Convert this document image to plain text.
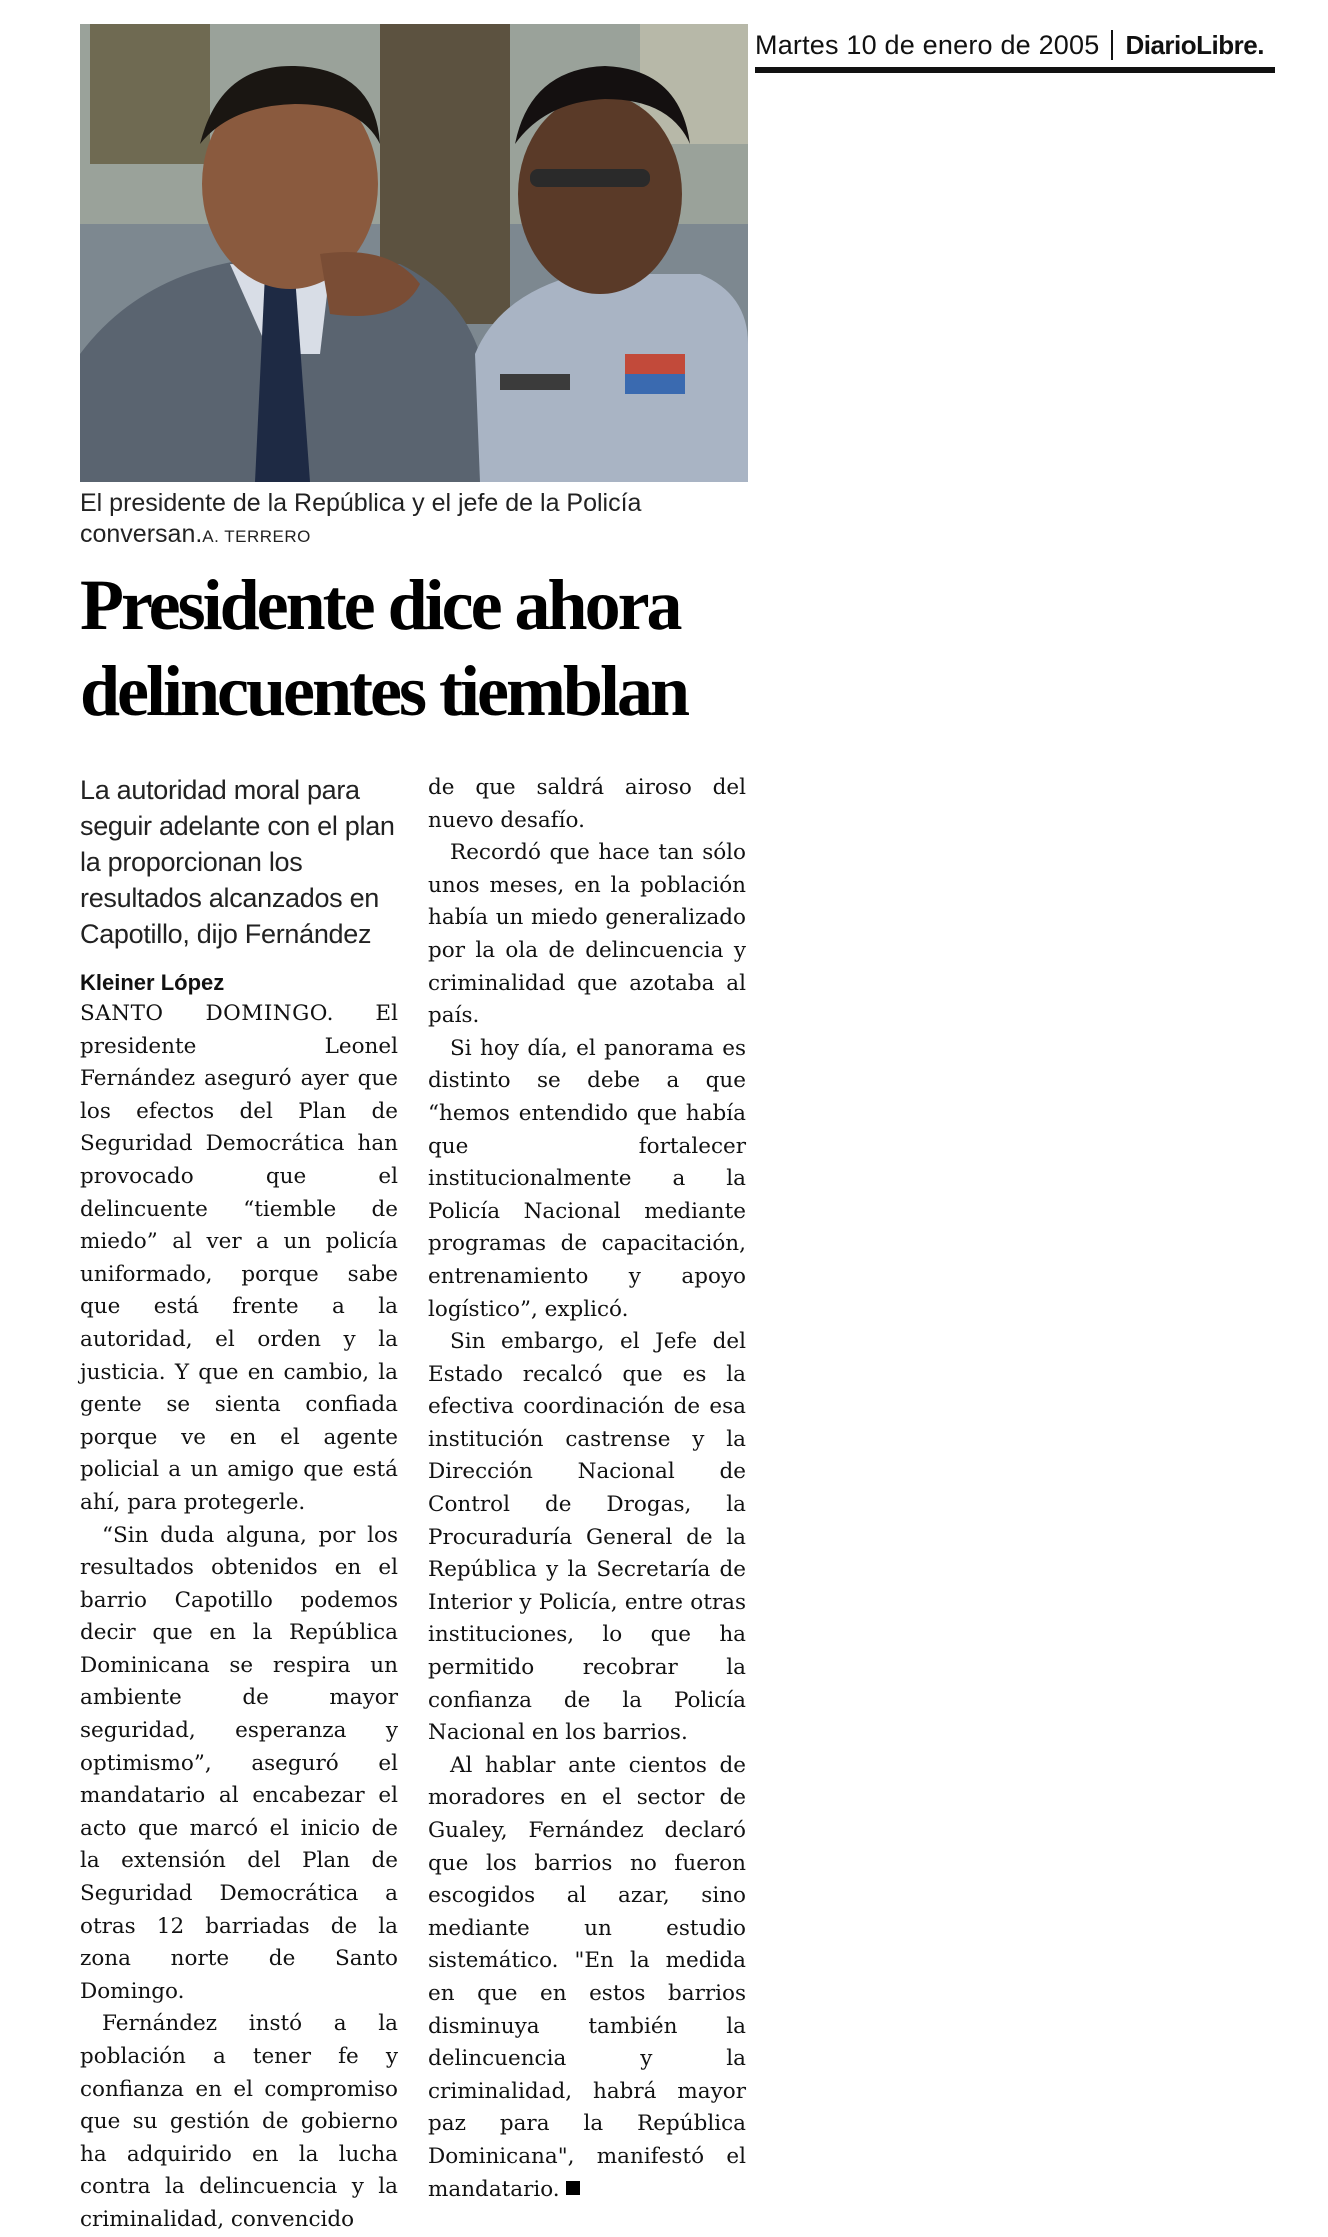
Martes 10 de enero de 2005 DiarioLibre.
El presidente de la República y el jefe de la Policía conversan.A. TERRERO
Presidente dice ahora delincuentes tiemblan
La autoridad moral para seguir adelante con el plan la proporcionan los resultados alcanzados en Capotillo, dijo Fernández
Kleiner López

SANTO DOMINGO. El presidente Leonel Fernández aseguró ayer que los efectos del Plan de Seguridad Democrática han provocado que el delincuente “tiemble de miedo” al ver a un policía uniformado, porque sabe que está frente a la autoridad, el orden y la justicia. Y que en cambio, la gente se sienta confiada porque ve en el agente policial a un amigo que está ahí, para protegerle.

“Sin duda alguna, por los resultados obtenidos en el barrio Capotillo podemos decir que en la República Dominicana se respira un ambiente de mayor seguridad, esperanza y optimismo”, aseguró el mandatario al encabezar el acto que marcó el inicio de la extensión del Plan de Seguridad Democrática a otras 12 barriadas de la zona norte de Santo Domingo.

Fernández instó a la población a tener fe y confianza en el compromiso que su gestión de gobierno ha adquirido en la lucha contra la delincuencia y la criminalidad, convencido

de que saldrá airoso del nuevo desafío.

Recordó que hace tan sólo unos meses, en la población había un miedo generalizado por la ola de delincuencia y criminalidad que azotaba al país.

Si hoy día, el panorama es distinto se debe a que “hemos entendido que había que fortalecer institucionalmente a la Policía Nacional mediante programas de capacitación, entrenamiento y apoyo logístico”, explicó.

Sin embargo, el Jefe del Estado recalcó que es la efectiva coordinación de esa institución castrense y la Dirección Nacional de Control de Drogas, la Procuraduría General de la República y la Secretaría de Interior y Policía, entre otras instituciones, lo que ha permitido recobrar la confianza de la Policía Nacional en los barrios.

Al hablar ante cientos de moradores en el sector de Gualey, Fernández declaró que los barrios no fueron escogidos al azar, sino mediante un estudio sistemático. "En la medida en que en estos barrios disminuya también la delincuencia y la criminalidad, habrá mayor paz para la República Dominicana", manifestó el mandatario.
